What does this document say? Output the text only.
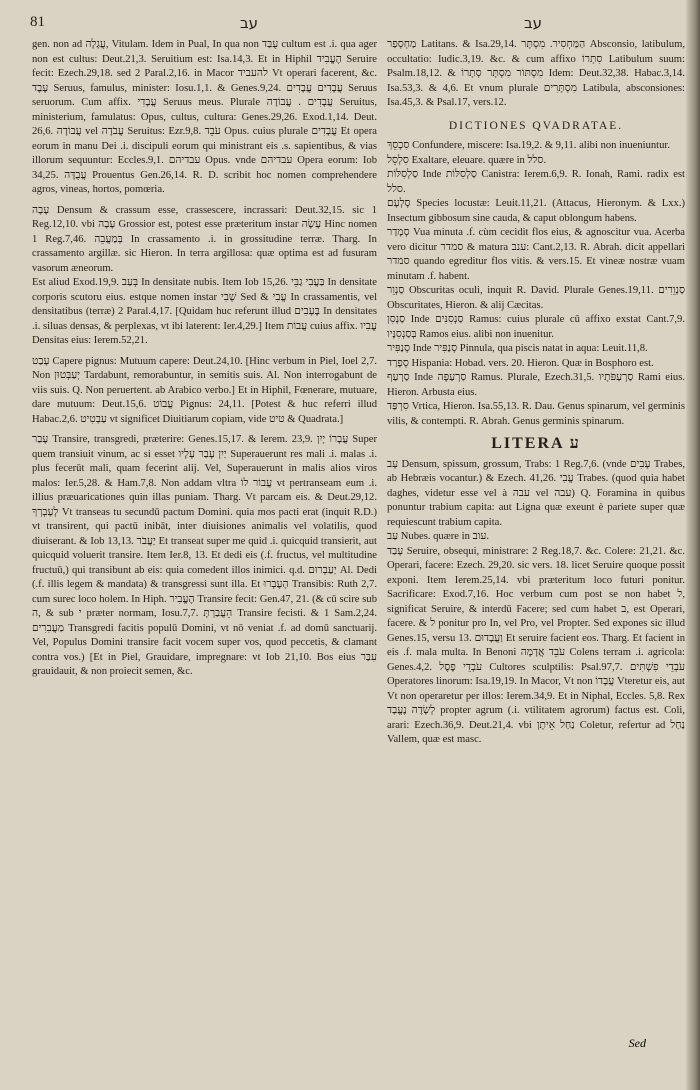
81	עב	עב

gen. non ad עֲגָלָה, Vitulam. Idem in Pual, In qua non עֻבַּד cultum est .i. qua ager non est cultus: Deut.21,3. Seruitium est: Isa.14,3. Et in Hiphil הֶעֱבִיד Seruire fecit: Ezech.29,18. sed 2 Paral.2,16. in Macor להעביד Vt operari facerent, &c. עֶבֶד Seruus, famulus, minister: Iosu.1,1. & Genes.9,24. עֲבָדִים עֲבָדִים Seruus seruorum. Cum affix. עֲבָדִי Seruus meus. Plurale עֲבָדִים . עֲבוֹדָה Seruitus, ministerium, famulatus: Opus, cultus, cultura: Genes.29,26. Exod.1,14. Deut. 26,6. עֲבוֹדָה vel עֲבֹדָה Seruitus: Ezr.9,8. עֹבֵד Opus. cuius plurale עֲבָדִים Et opera eorum in manu Dei .i. discipuli eorum qui ministrant eis .s. sapientibus, & vias illorum sequuntur: Eccles.9,1. עבדיהם Opus. vnde עבדיהם Opera eorum: Iob 34,25. עֲבֻדָּה Prouentus Gen.26,14. R. D. scribit hoc nomen comprehendere agros, vineas, hortos, pomœria.

עָבָה Densum & crassum esse, crassescere, incrassari: Deut.32,15. sic 1 Reg.12,10. vbi עָבָה Grossior est, potest esse præteritum instar עָשָׂה Hinc nomen 1 Reg.7,46. בְּמַעֲבֵה In crassamento .i. in grossitudine terræ. Tharg. In crassamento argillæ. sic Hieron. In terra argillosa: quæ optima est ad fusuram vasorum æneorum.

Est aliud Exod.19,9. בְּעַב In densitate nubis. Item Iob 15,26. בַּעֲבִי גַבֵּי In densitate corporis scutoru eius. estque nomen instar שְׁבִי Sed & עֳבִי In crassamentis, vel densitatibus (terræ) 2 Paral.4,17. [Quidam huc referunt illud בֶּעָבִים In densitates .i. siluas densas, & perplexas, vt ibi laterent: Ier.4,29.] Item עֲבוֹת cuius affix. עֳבִיו Densitas eius: Ierem.52,21.

עָבַט Capere pignus: Mutuum capere: Deut.24,10. [Hinc verbum in Piel, Ioel 2,7. Non יְעַבְּטוּן Tardabunt, remorabuntur, in semitis suis. Al. Non interrogabunt de viis suis. Q. Non peruertent. ab Arabico verbo.] Et in Hiphil, Fœnerare, mutuare, dare mutuum: Deut.15,6. עֲבוֹט Pignus: 24,11. [Potest & huc referri illud Habac.2,6. עַבְטִיט vt significet Diuitiarum copiam, vide טיט & Quadrata.]

עָבַר Transire, transgredi, præterire: Genes.15,17. & Ierem. 23,9. עֲבָרוֹ יָיִן Super quem transiuit vinum, ac si esset יַיִן עָבַר עָלָיו Superauerunt res mali .i. malas .i. plus fecerūt mali, quam fecerint alij. Vel, Superauerunt in malis alios viros malos: Ier.5,28. & Ham.7,8. Non addam vltra עֲבוֹר לוֹ vt pertranseam eum .i. illius præuaricationes quin illas puniam. Tharg. Vt parcam eis. & Deut.29,12. לְעָבְרְךָ Vt transeas tu secundū pactum Domini. quia mos pacti erat (inquit R.D.) vt transirent, qui pactū inibāt, inter diuisiones animalis vel volatilis, quod diuiserant. & Iob 13,13. יַעֲבֹר Et transeat super me quid .i. quicquid transierit, aut quicquid voluerit transire. Item Ier.8, 13. Et dedi eis (.f. fructus, vel multitudine fructuū,) qui transibunt ab eis: quia comedent illos inimici. q.d. יַעַבְרוּם Al. Dedi (.f. illis legem & mandata) & transgressi sunt illa. Et הָעֶבְרוּ Transibis: Ruth 2,7. cum surec loco holem. In Hiph. הֶעֱבִיר Transire fecit: Gen.47, 21. (& cū scire sub ה, & sub י præter normam, Iosu.7,7. הֵעֲבַרְתָּ Transire fecisti. & 1 Sam.2,24. מַעֲבִרִים Transgredi facitis populū Domini, vt nō veniat .f. ad domū sanctuarij. Vel, Populus Domini transire facit vocem super vos, quod peccetis, & clamant contra vos.) [Et in Piel, Grauidare, impregnare: vt Iob 21,10. Bos eius עִבַּר grauidauit, & non proiecit semen, &c.

מַחְסְפַר Latitans. & Isa.29,14. הַמַּחְסִיר. מִסְתָּר Absconsio, latibulum, occultatio: Iudic.3,19. &c. & cum affixo סִתְרוֹ Latibulum suum: Psalm.18,12. & מִסְתּוֹר מִסְתָּר סְתָרוֹ Idem: Deut.32,38. Habac.3,14. Isa.53,3. & 4,6. Et vnum plurale מִסְתָּרִים Latibula, absconsiones: Isa.45,3. & Psal.17, vers.12.

DICTIONES QVADRATAE.

סִכְסֵךְ Confundere, miscere: Isa.19,2. & 9,11. alibi non inueniuntur.

סִלְסֵל Exaltare, eleuare. quære in סלל.

סַלְסִלּוֹת Inde סַלְסִלּוֹת Canistra: Ierem.6,9. R. Ionah, Rami. radix est סלל.

סָלְעָם Species locustæ: Leuit.11,21. (Attacus, Hieronym. & Lxx.) Insectum gibbosum sine cauda, & caput oblongum habens.

סְמָדַר Vua minuta .f. cùm cecidit flos eius, & agnoscitur vua. Acerba vero dicitur סמדר & matura ענב: Cant.2,13. R. Abrah. dicit appellari סמדר quando egreditur flos vitis. & vers.15. Et vineæ nostræ vuam minutam .f. habent.

סַנְוֵר Obscuritas oculi, inquit R. David. Plurale Genes.19,11. סַנְוֵרִים Obscuritates, Hieron. & alij Cæcitas.

סַנְסִן Inde סַנְסִנִּים Ramus: cuius plurale cū affixo exstat Cant.7,9. בְּסַנְסִנָּיו Ramos eius. alibi non inuenitur.

סְנַפִּיר Inde סְנַפִּיר Pinnula, qua piscis natat in aqua: Leuit.11,8.

סְפָרַד Hispania: Hobad. vers. 20. Hieron. Quæ in Bosphoro est.

סַרְעַף Inde סַרְעַפָּה Ramus. Plurale, Ezech.31,5. סַרְעַפֹּתָיו Rami eius. Hieron. Arbusta eius.

סִרְפַּד Vrtica, Hieron. Isa.55,13. R. Dau. Genus spinarum, vel germinis vilis, & contempti. R. Abrah. Genus germinis spinarum.

LITERA ע

עָב Densum, spissum, grossum, Trabs: 1 Reg.7,6. (vnde עָבִים Trabes, ab Hebræis vocantur.) & Ezech. 41,26. עֳבִי Trabes. (quod quia habet daghes, videtur esse vel à עבה vel עבה) Q. Foramina in quibus ponuntur trabium capita: aut Ligna quæ exeunt è pariete super quæ requiescunt trabium capita.

עַב Nubes. quære in עוב.

עָבַד Seruire, obsequi, ministrare: 2 Reg.18,7. &c. Colere: 21,21. &c. Operari, facere: Ezech. 29,20. sic vers. 18. licet Seruire quoque possit exponi. Item Ierem.25,14. vbi præteritum loco futuri ponitur. Sacrificare: Exod.7,16. Hoc verbum cum post se non habet ל, significat Seruire, & interdū Facere; sed cum habet ב, est Operari, facere. & ל ponitur pro In, vel Pro, vel Propter. Sed expones sic illud Genes.15, versu 13. וַעֲבָדוּם Et seruire facient eos. Tharg. Et facient in eis .f. mala multa. In Benoni עֹבֵד אֲדָמָה Colens terram .i. agricola: Genes.4,2. עֹבְדֵי פֶסֶל Cultores sculptilis: Psal.97,7. עֹבְדֵי פִשְׁתִּים Operatores linorum: Isa.19,19. In Macor, Vt non עֲבָדוֹ Vteretur eis, aut Vt non operaretur per illos: Ierem.34,9. Et in Niphal, Eccles. 5,8. Rex לְשָׂדֶה נֶעֱבָד propter agrum (.i. vtilitatem agrorum) factus est. Coli, arari: Ezech.36,9. Deut.21,4. vbi נַחַל אֵיתָן Coletur, refertur ad נַחַל Vallem, quæ est masc.

Sed
